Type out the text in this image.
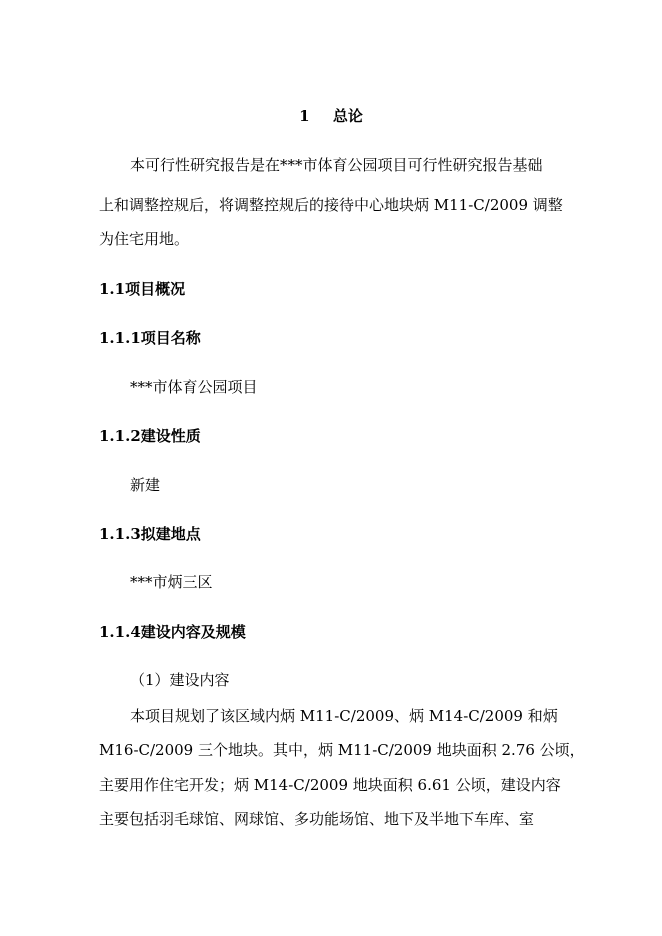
1 总论
本可行性研究报告是在***市体育公园项目可行性研究报告基础
上和调整控规后，将调整控规后的接待中心地块炳 M11-C/2009 调整
为住宅用地。
1.1项目概况
1.1.1项目名称
***市体育公园项目
1.1.2建设性质
新建
1.1.3拟建地点
***市炳三区
1.1.4建设内容及规模
（1）建设内容
本项目规划了该区域内炳 M11-C/2009、炳 M14-C/2009 和炳
M16-C/2009 三个地块。其中，炳 M11-C/2009 地块面积 2.76 公顷，
主要用作住宅开发；炳 M14-C/2009 地块面积 6.61 公顷，建设内容
主要包括羽毛球馆、网球馆、多功能场馆、地下及半地下车库、室
